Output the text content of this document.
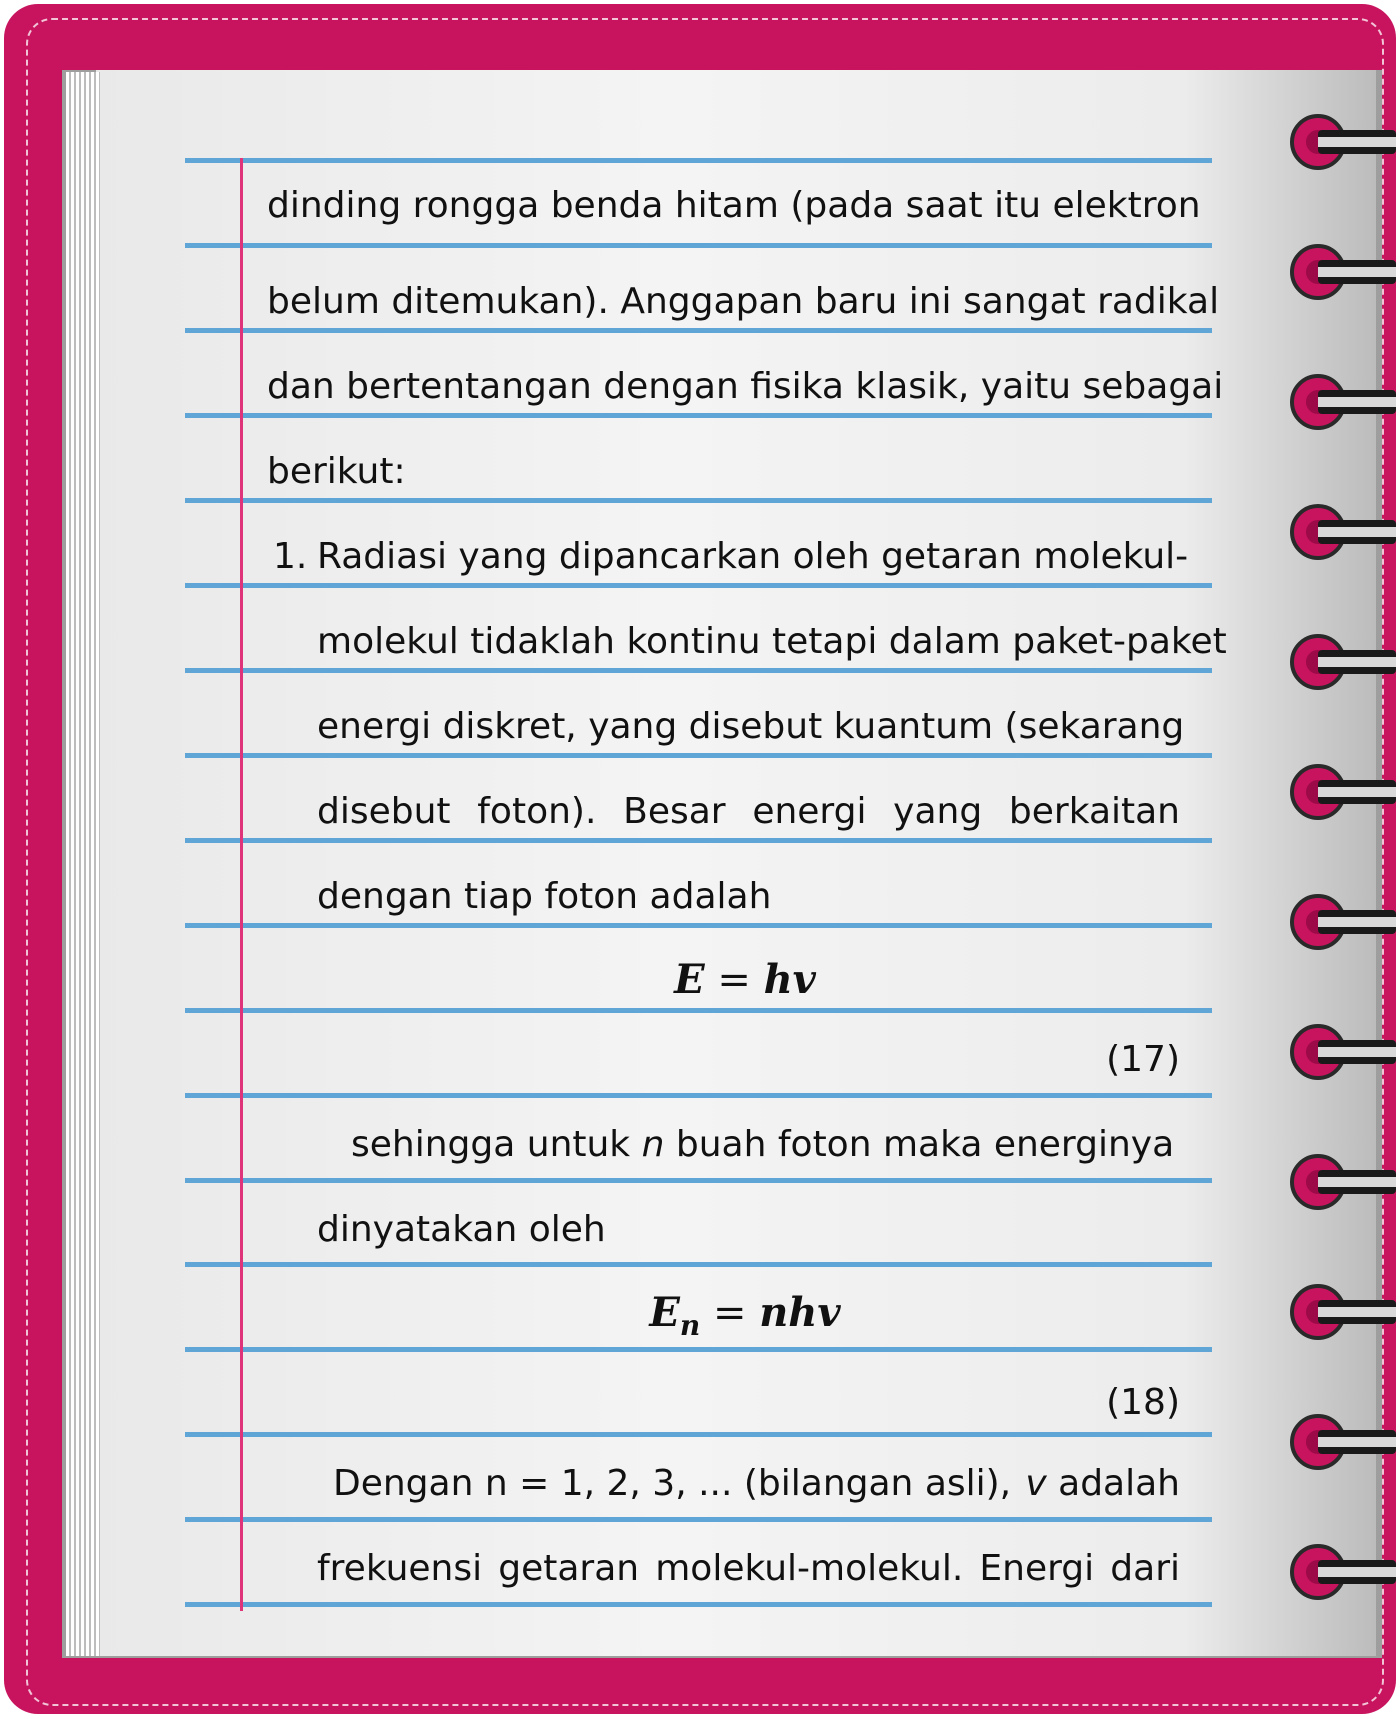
dinding rongga benda hitam (pada saat itu elektron
belum ditemukan). Anggapan baru ini sangat radikal
dan bertentangan dengan fisika klasik, yaitu sebagai
berikut:
1. Radiasi yang dipancarkan oleh getaran molekul-
molekul tidaklah kontinu tetapi dalam paket-paket
energi diskret, yang disebut kuantum (sekarang
disebut foton). Besar energi yang berkaitan
dengan tiap foton adalah
E = hv
(17)
sehingga untuk n buah foton maka energinya
dinyatakan oleh
$E_n$ = nhv
(18)
Dengan n = 1, 2, 3, ... (bilangan asli), v adalah
frekuensi getaran molekul-molekul. Energi dari
